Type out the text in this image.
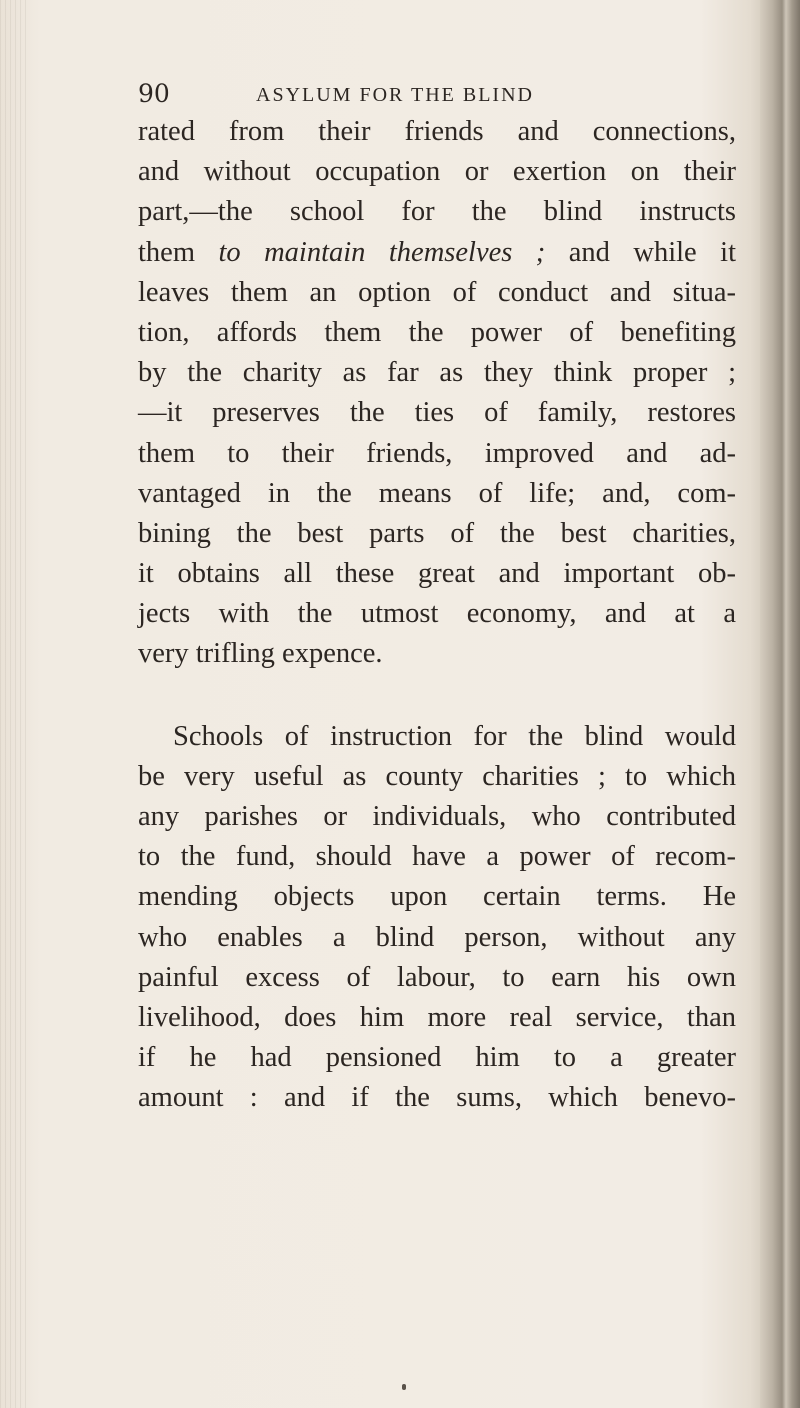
90	ASYLUM FOR THE BLIND
rated from their friends and connections,
and without occupation or exertion on their
part,—the school for the blind instructs
them to maintain themselves ; and while it
leaves them an option of conduct and situa-
tion, affords them the power of benefiting
by the charity as far as they think proper ;
—it preserves the ties of family, restores
them to their friends, improved and ad-
vantaged in the means of life; and, com-
bining the best parts of the best charities,
it obtains all these great and important ob-
jects with the utmost economy, and at a
very trifling expence.
Schools of instruction for the blind would
be very useful as county charities ; to which
any parishes or individuals, who contributed
to the fund, should have a power of recom-
mending objects upon certain terms. He
who enables a blind person, without any
painful excess of labour, to earn his own
livelihood, does him more real service, than
if he had pensioned him to a greater
amount : and if the sums, which benevo-
